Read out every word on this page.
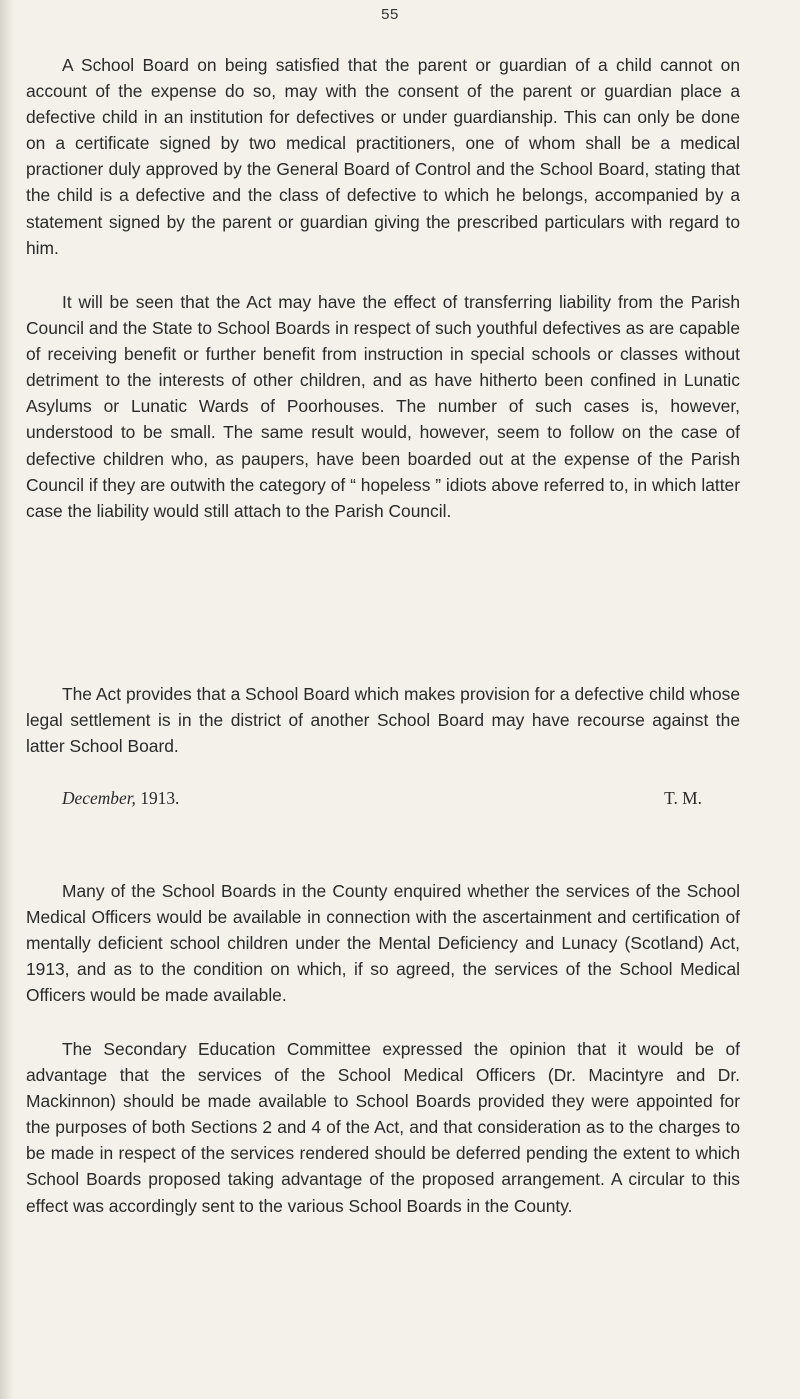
55

A School Board on being satisfied that the parent or guardian of a child cannot on account of the expense do so, may with the consent of the parent or guardian place a defective child in an institution for defectives or under guardianship. This can only be done on a certificate signed by two medical practitioners, one of whom shall be a medical practioner duly approved by the General Board of Control and the School Board, stating that the child is a defective and the class of defective to which he belongs, accompanied by a statement signed by the parent or guardian giving the prescribed particulars with regard to him.

It will be seen that the Act may have the effect of transferring liability from the Parish Council and the State to School Boards in respect of such youthful defectives as are capable of receiving benefit or further benefit from instruction in special schools or classes without detriment to the interests of other children, and as have hitherto been confined in Lunatic Asylums or Lunatic Wards of Poorhouses. The number of such cases is, however, understood to be small. The same result would, however, seem to follow on the case of defective children who, as paupers, have been boarded out at the expense of the Parish Council if they are outwith the category of “ hopeless ” idiots above referred to, in which latter case the liability would still attach to the Parish Council.

The Act provides that a School Board which makes provision for a defective child whose legal settlement is in the district of another School Board may have recourse against the latter School Board.

December, 1913.	T. M.

Many of the School Boards in the County enquired whether the services of the School Medical Officers would be available in connection with the ascertainment and certification of mentally deficient school children under the Mental Deficiency and Lunacy (Scotland) Act, 1913, and as to the condition on which, if so agreed, the services of the School Medical Officers would be made available.

The Secondary Education Committee expressed the opinion that it would be of advantage that the services of the School Medical Officers (Dr. Macintyre and Dr. Mackinnon) should be made available to School Boards provided they were appointed for the purposes of both Sections 2 and 4 of the Act, and that consideration as to the charges to be made in respect of the services rendered should be deferred pending the extent to which School Boards proposed taking advantage of the proposed arrangement. A circular to this effect was accordingly sent to the various School Boards in the County.
